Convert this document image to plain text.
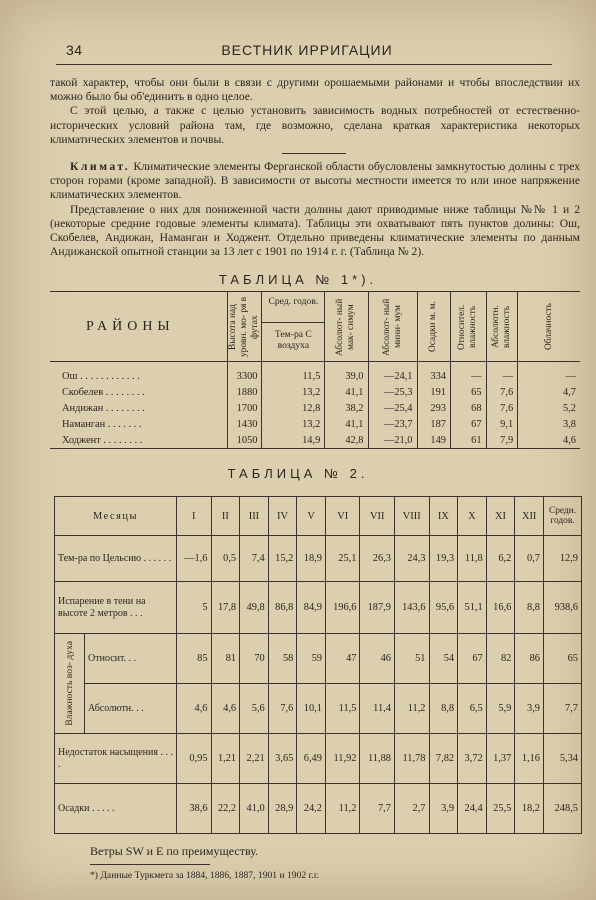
34	ВЕСТНИК ИРРИГАЦИИ

такой характер, чтобы они были в связи с другими орошаемыми районами и чтобы впоследствии их можно было бы об'единить в одно целое.

С этой целью, а также с целью установить зависимость водных потребностей от естественно-исторических условий района там, где возможно, сделана краткая характеристика некоторых климатических элементов и почвы.

Климат. Климатические элементы Ферганской области обусловлены замкнутостью долины с трех сторон горами (кроме западной). В зависимости от высоты местности имеется то или иное напряжение климатических элементов.

Представление о них для пониженной части долины дают приводимые ниже таблицы №№ 1 и 2 (некоторые средние годовые элементы климата). Таблицы эти охватывают пять пунктов долины: Ош, Скобелев, Андижан, Наманган и Ходжент. Отдельно приведены климатические элементы по данным Андижанской опытной станции за 13 лет с 1901 по 1914 г. г. (Таблица № 2).

ТАБЛИЦА № 1*).
РАЙОНЫ	Высота над уровн. мо- ря в футах	Сред. годов.
Тем-ра С воздуха	Абсолют- ный мак- симум	Абсолют- ный мини- мум	Осадки м. м.	Относител. влажность	Абсолютн. влажность	Облачность

Ош . . . . . . . . . . . .	3300	11,5	39,0	—24,1	334	—	—	—
Скобелев . . . . . . . .	1880	13,2	41,1	—25,3	191	65	7,6	4,7
Андижан . . . . . . . .	1700	12,8	38,2	—25,4	293	68	7,6	5,2
Наманган . . . . . . .	1430	13,2	41,1	—23,7	187	67	9,1	3,8
Ходжент . . . . . . . .	1050	14,9	42,8	—21,0	149	61	7,9	4,6
ТАБЛИЦА № 2.
Месяцы		I	II	III	IV	V	VI	VII	VIII	IX	X	XI	XII	Средн. годов.
Тем-ра по Цельсию . . . . . .		—1,6	0,5	7,4	15,2	18,9	25,1	26,3	24,3	19,3	11,8	6,2	0,7	12,9
Испарение в тени на высоте 2 метров . . .		5	17,8	49,8	86,8	84,9	196,6	187,9	143,6	95,6	51,1	16,6	8,8	938,6

Влажность воз- духа	Относит. . .	85	81	70	58	59	47	46	51	54	67	82	86	65
	Абсолютн. . .	4,6	4,6	5,6	7,6	10,1	11,5	11,4	11,2	8,8	6,5	5,9	3,9	7,7
Недостаток насыщения . . . .		0,95	1,21	2,21	3,65	6,49	11,92	11,88	11,78	7,82	3,72	1,37	1,16	5,34
Осадки . . . . .		38,6	22,2	41,0	28,9	24,2	11,2	7,7	2,7	3,9	24,4	25,5	18,2	248,5
Ветры SW и E по преимуществу.
*) Данные Туркмета за 1884, 1886, 1887, 1901 и 1902 г.г.
